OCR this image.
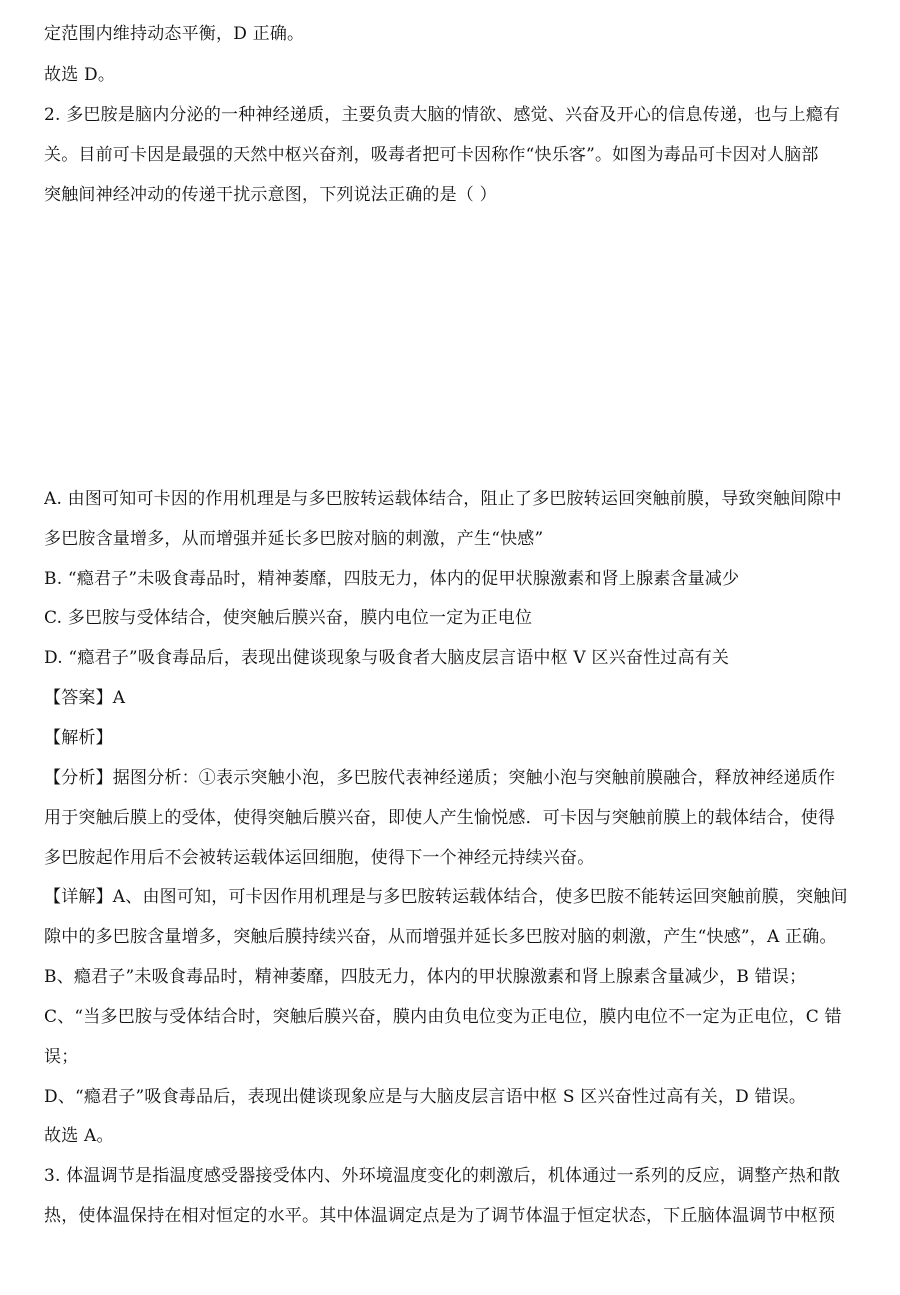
定范围内维持动态平衡，D 正确。
故选 D。
2. 多巴胺是脑内分泌的一种神经递质，主要负责大脑的情欲、感觉、兴奋及开心的信息传递，也与上瘾有
关。目前可卡因是最强的天然中枢兴奋剂，吸毒者把可卡因称作“快乐客”。如图为毒品可卡因对人脑部
突触间神经冲动的传递干扰示意图，下列说法正确的是（ ）
A. 由图可知可卡因的作用机理是与多巴胺转运载体结合，阻止了多巴胺转运回突触前膜，导致突触间隙中
多巴胺含量增多，从而增强并延长多巴胺对脑的刺激，产生“快感”
B. “瘾君子”未吸食毒品时，精神萎靡，四肢无力，体内的促甲状腺激素和肾上腺素含量减少
C. 多巴胺与受体结合，使突触后膜兴奋，膜内电位一定为正电位
D. “瘾君子”吸食毒品后，表现出健谈现象与吸食者大脑皮层言语中枢 V 区兴奋性过高有关
【答案】A
【解析】
【分析】据图分析：①表示突触小泡，多巴胺代表神经递质；突触小泡与突触前膜融合，释放神经递质作
用于突触后膜上的受体，使得突触后膜兴奋，即使人产生愉悦感．可卡因与突触前膜上的载体结合，使得
多巴胺起作用后不会被转运载体运回细胞，使得下一个神经元持续兴奋。
【详解】A、由图可知，可卡因作用机理是与多巴胺转运载体结合，使多巴胺不能转运回突触前膜，突触间
隙中的多巴胺含量增多，突触后膜持续兴奋，从而增强并延长多巴胺对脑的刺激，产生“快感”，A 正确。
B、瘾君子”未吸食毒品时，精神萎靡，四肢无力，体内的甲状腺激素和肾上腺素含量减少，B 错误；
C、“当多巴胺与受体结合时，突触后膜兴奋，膜内由负电位变为正电位，膜内电位不一定为正电位，C 错
误；
D、“瘾君子”吸食毒品后，表现出健谈现象应是与大脑皮层言语中枢 S 区兴奋性过高有关，D 错误。
故选 A。
3. 体温调节是指温度感受器接受体内、外环境温度变化的刺激后，机体通过一系列的反应，调整产热和散
热，使体温保持在相对恒定的水平。其中体温调定点是为了调节体温于恒定状态，下丘脑体温调节中枢预
